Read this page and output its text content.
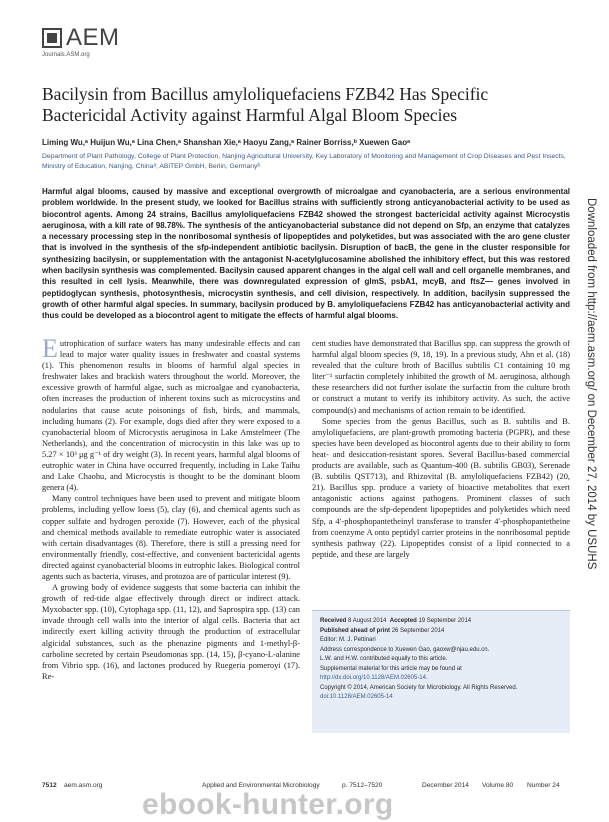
AEM
Journals.ASM.org
Bacilysin from Bacillus amyloliquefaciens FZB42 Has Specific Bactericidal Activity against Harmful Algal Bloom Species
Liming Wu,ᵃ Huijun Wu,ᵃ Lina Chen,ᵃ Shanshan Xie,ᵃ Haoyu Zang,ᵃ Rainer Borriss,ᵇ Xuewen Gaoᵃ
Department of Plant Pathology, College of Plant Protection, Nanjing Agricultural University, Key Laboratory of Monitoring and Management of Crop Diseases and Pest Insects, Ministry of Education, Nanjing, Chinaᵃ; ABiTEP GmbH, Berlin, Germanyᵇ
Harmful algal blooms, caused by massive and exceptional overgrowth of microalgae and cyanobacteria, are a serious environmental problem worldwide. In the present study, we looked for Bacillus strains with sufficiently strong anticyanobacterial activity to be used as biocontrol agents. Among 24 strains, Bacillus amyloliquefaciens FZB42 showed the strongest bactericidal activity against Microcystis aeruginosa, with a kill rate of 98.78%. The synthesis of the anticyanobacterial substance did not depend on Sfp, an enzyme that catalyzes a necessary processing step in the nonribosomal synthesis of lipopeptides and polyketides, but was associated with the aro gene cluster that is involved in the synthesis of the sfp-independent antibiotic bacilysin. Disruption of bacB, the gene in the cluster responsible for synthesizing bacilysin, or supplementation with the antagonist N-acetylglucosamine abolished the inhibitory effect, but this was restored when bacilysin synthesis was complemented. Bacilysin caused apparent changes in the algal cell wall and cell organelle membranes, and this resulted in cell lysis. Meanwhile, there was downregulated expression of glmS, psbA1, mcyB, and ftsZ— genes involved in peptidoglycan synthesis, photosynthesis, microcystin synthesis, and cell division, respectively. In addition, bacilysin suppressed the growth of other harmful algal species. In summary, bacilysin produced by B. amyloliquefaciens FZB42 has anticyanobacterial activity and thus could be developed as a biocontrol agent to mitigate the effects of harmful algal blooms.

Eutrophication of surface waters has many undesirable effects and can lead to major water quality issues in freshwater and coastal systems (1). This phenomenon results in blooms of harmful algal species in freshwater lakes and brackish waters throughout the world. Moreover, the excessive growth of harmful algae, such as microalgae and cyanobacteria, often increases the production of inherent toxins such as microcystins and nodularins that cause acute poisonings of fish, birds, and mammals, including humans (2). For example, dogs died after they were exposed to a cyanobacterial bloom of Microcystis aeruginosa in Lake Amstelmeer (The Netherlands), and the concentration of microcystin in this lake was up to 5.27 × 10³ μg g⁻¹ of dry weight (3). In recent years, harmful algal blooms of eutrophic water in China have occurred frequently, including in Lake Taihu and Lake Chaohu, and Microcystis is thought to be the dominant bloom genera (4).

Many control techniques have been used to prevent and mitigate bloom problems, including yellow loess (5), clay (6), and chemical agents such as copper sulfate and hydrogen peroxide (7). However, each of the physical and chemical methods available to remediate eutrophic water is associated with certain disadvantages (8). Therefore, there is still a pressing need for environmentally friendly, cost-effective, and convenient bactericidal agents directed against cyanobacterial blooms in eutrophic lakes. Biological control agents such as bacteria, viruses, and protozoa are of particular interest (9).

A growing body of evidence suggests that some bacteria can inhibit the growth of red-tide algae effectively through direct or indirect attack. Myxobacter spp. (10), Cytophaga spp. (11, 12), and Saprospira spp. (13) can invade through cell walls into the interior of algal cells. Bacteria that act indirectly exert killing activity through the production of extracellular algicidal substances, such as the phenazine pigments and 1-methyl-β-carboline secreted by certain Pseudomonas spp. (14, 15), β-cyano-L-alanine from Vibrio spp. (16), and lactones produced by Ruegeria pomeroyi (17). Re-

cent studies have demonstrated that Bacillus spp. can suppress the growth of harmful algal bloom species (9, 18, 19). In a previous study, Ahn et al. (18) revealed that the culture broth of Bacillus subtilis C1 containing 10 mg liter⁻¹ surfactin completely inhibited the growth of M. aeruginosa, although these researchers did not further isolate the surfactin from the culture broth or construct a mutant to verify its inhibitory activity. As such, the active compound(s) and mechanisms of action remain to be identified.

Some species from the genus Bacillus, such as B. subtilis and B. amyloliquefaciens, are plant-growth promoting bacteria (PGPR), and these species have been developed as biocontrol agents due to their ability to form heat- and desiccation-resistant spores. Several Bacillus-based commercial products are available, such as Quantum-400 (B. subtilis GB03), Serenade (B. subtilis QST713), and Rhizovital (B. amyloliquefaciens FZB42) (20, 21). Bacillus spp. produce a variety of bioactive metabolites that exert antagonistic actions against pathogens. Prominent classes of such compounds are the sfp-dependent lipopeptides and polyketides which need Sfp, a 4′-phosphopantetheinyl transferase to transfer 4′-phosphopantetheine from coenzyme A onto peptidyl carrier proteins in the nonribosomal peptide synthesis pathway (22). Lipopeptides consist of a lipid connected to a peptide, and these are largely

Received 8 August 2014 Accepted 19 September 2014
Published ahead of print 26 September 2014
Editor: M. J. Pettinari
Address correspondence to Xuewen Gao, gaoxw@njau.edu.cn.
L.W. and H.W. contributed equally to this article.
Supplemental material for this article may be found at http://dx.doi.org/10.1128/AEM.02605-14.
Copyright © 2014, American Society for Microbiology. All Rights Reserved.
doi:10.1128/AEM.02605-14
7512 aem.asm.org	Applied and Environmental Microbiology	p. 7512–7520	December 2014 Volume 80 Number 24
Downloaded from http://aem.asm.org/ on December 27, 2014 by USUHS
ebook-hunter.org
